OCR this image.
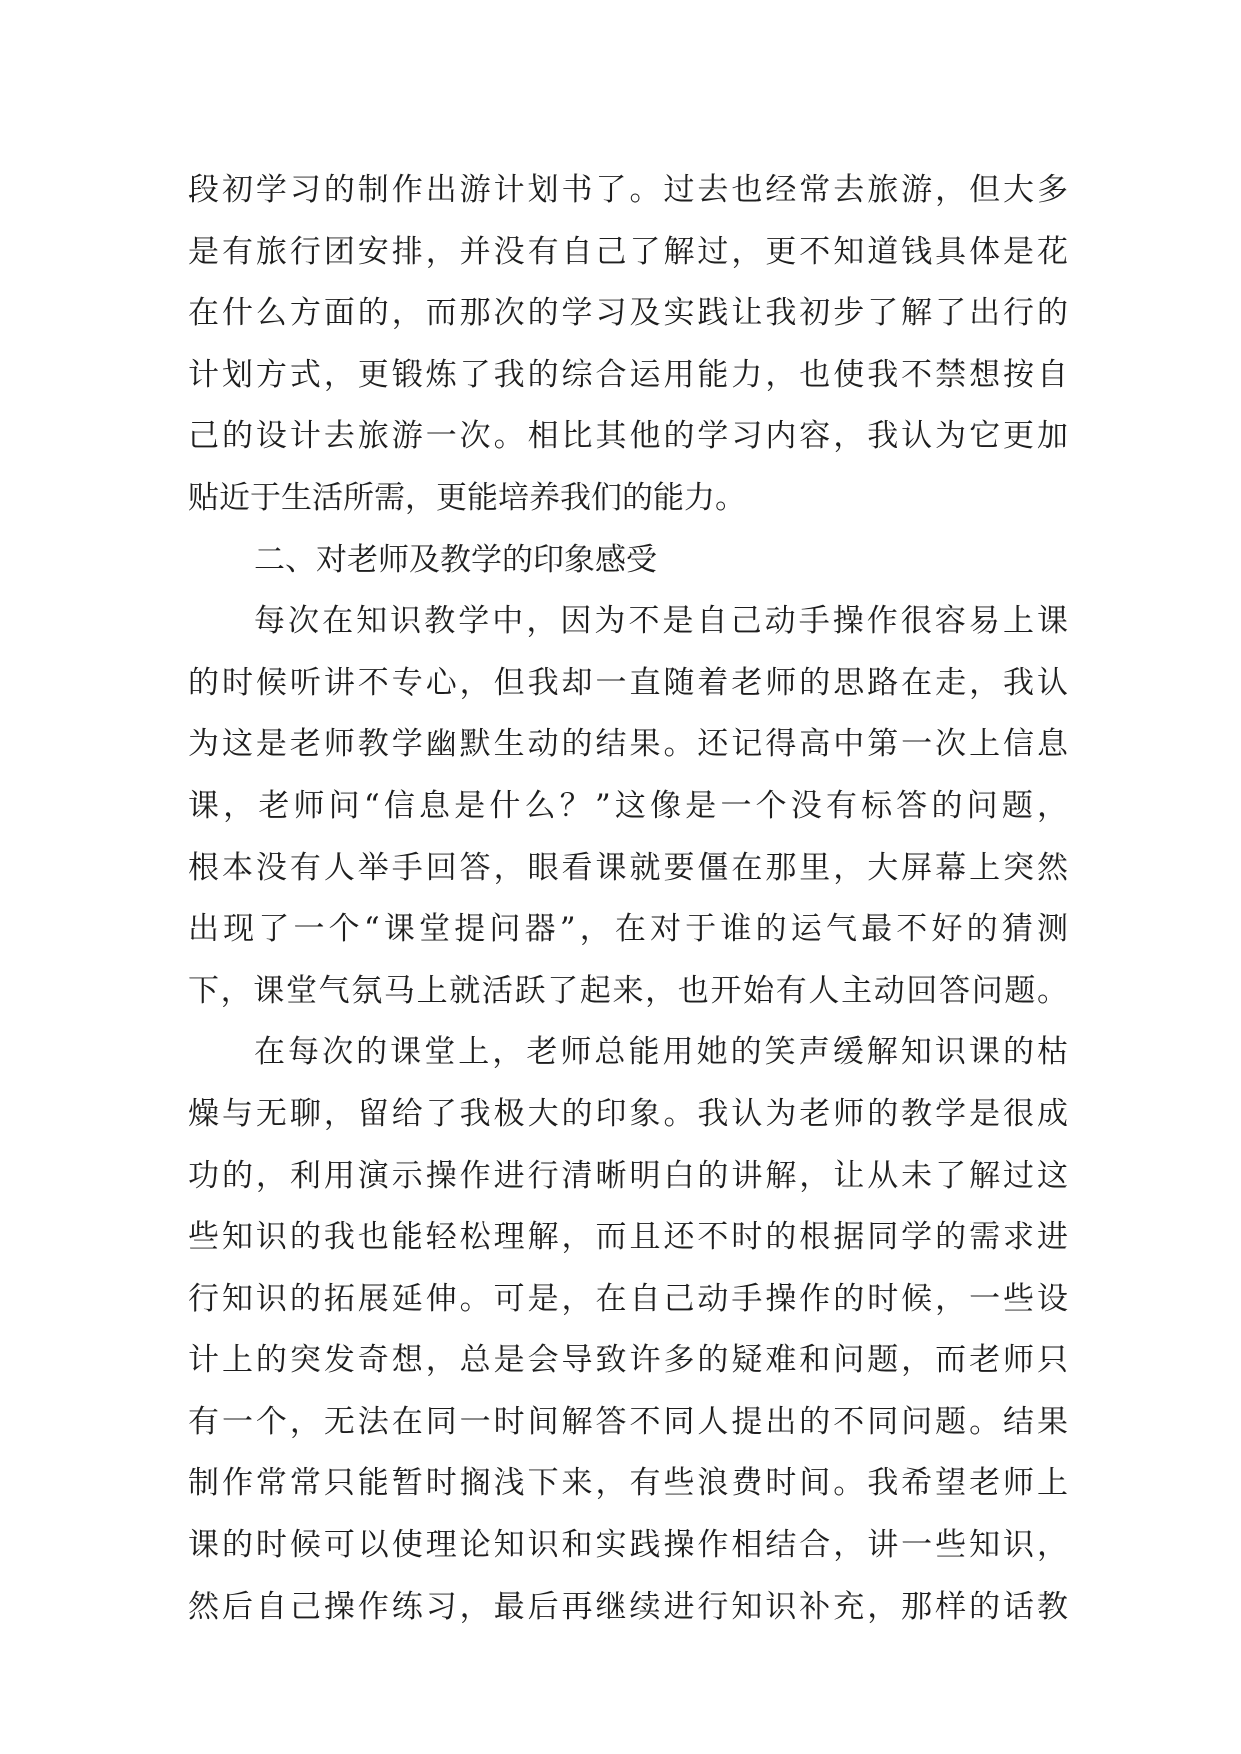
段初学习的制作出游计划书了。过去也经常去旅游，但大多
是有旅行团安排，并没有自己了解过，更不知道钱具体是花
在什么方面的，而那次的学习及实践让我初步了解了出行的
计划方式，更锻炼了我的综合运用能力，也使我不禁想按自
己的设计去旅游一次。相比其他的学习内容，我认为它更加
贴近于生活所需，更能培养我们的能力。
二、对老师及教学的印象感受
每次在知识教学中，因为不是自己动手操作很容易上课
的时候听讲不专心，但我却一直随着老师的思路在走，我认
为这是老师教学幽默生动的结果。还记得高中第一次上信息
课，老师问“信息是什么？”这像是一个没有标答的问题，
根本没有人举手回答，眼看课就要僵在那里，大屏幕上突然
出现了一个“课堂提问器”，在对于谁的运气最不好的猜测
下，课堂气氛马上就活跃了起来，也开始有人主动回答问题。
在每次的课堂上，老师总能用她的笑声缓解知识课的枯
燥与无聊，留给了我极大的印象。我认为老师的教学是很成
功的，利用演示操作进行清晰明白的讲解，让从未了解过这
些知识的我也能轻松理解，而且还不时的根据同学的需求进
行知识的拓展延伸。可是，在自己动手操作的时候，一些设
计上的突发奇想，总是会导致许多的疑难和问题，而老师只
有一个，无法在同一时间解答不同人提出的不同问题。结果
制作常常只能暂时搁浅下来，有些浪费时间。我希望老师上
课的时候可以使理论知识和实践操作相结合，讲一些知识，
然后自己操作练习，最后再继续进行知识补充，那样的话教
